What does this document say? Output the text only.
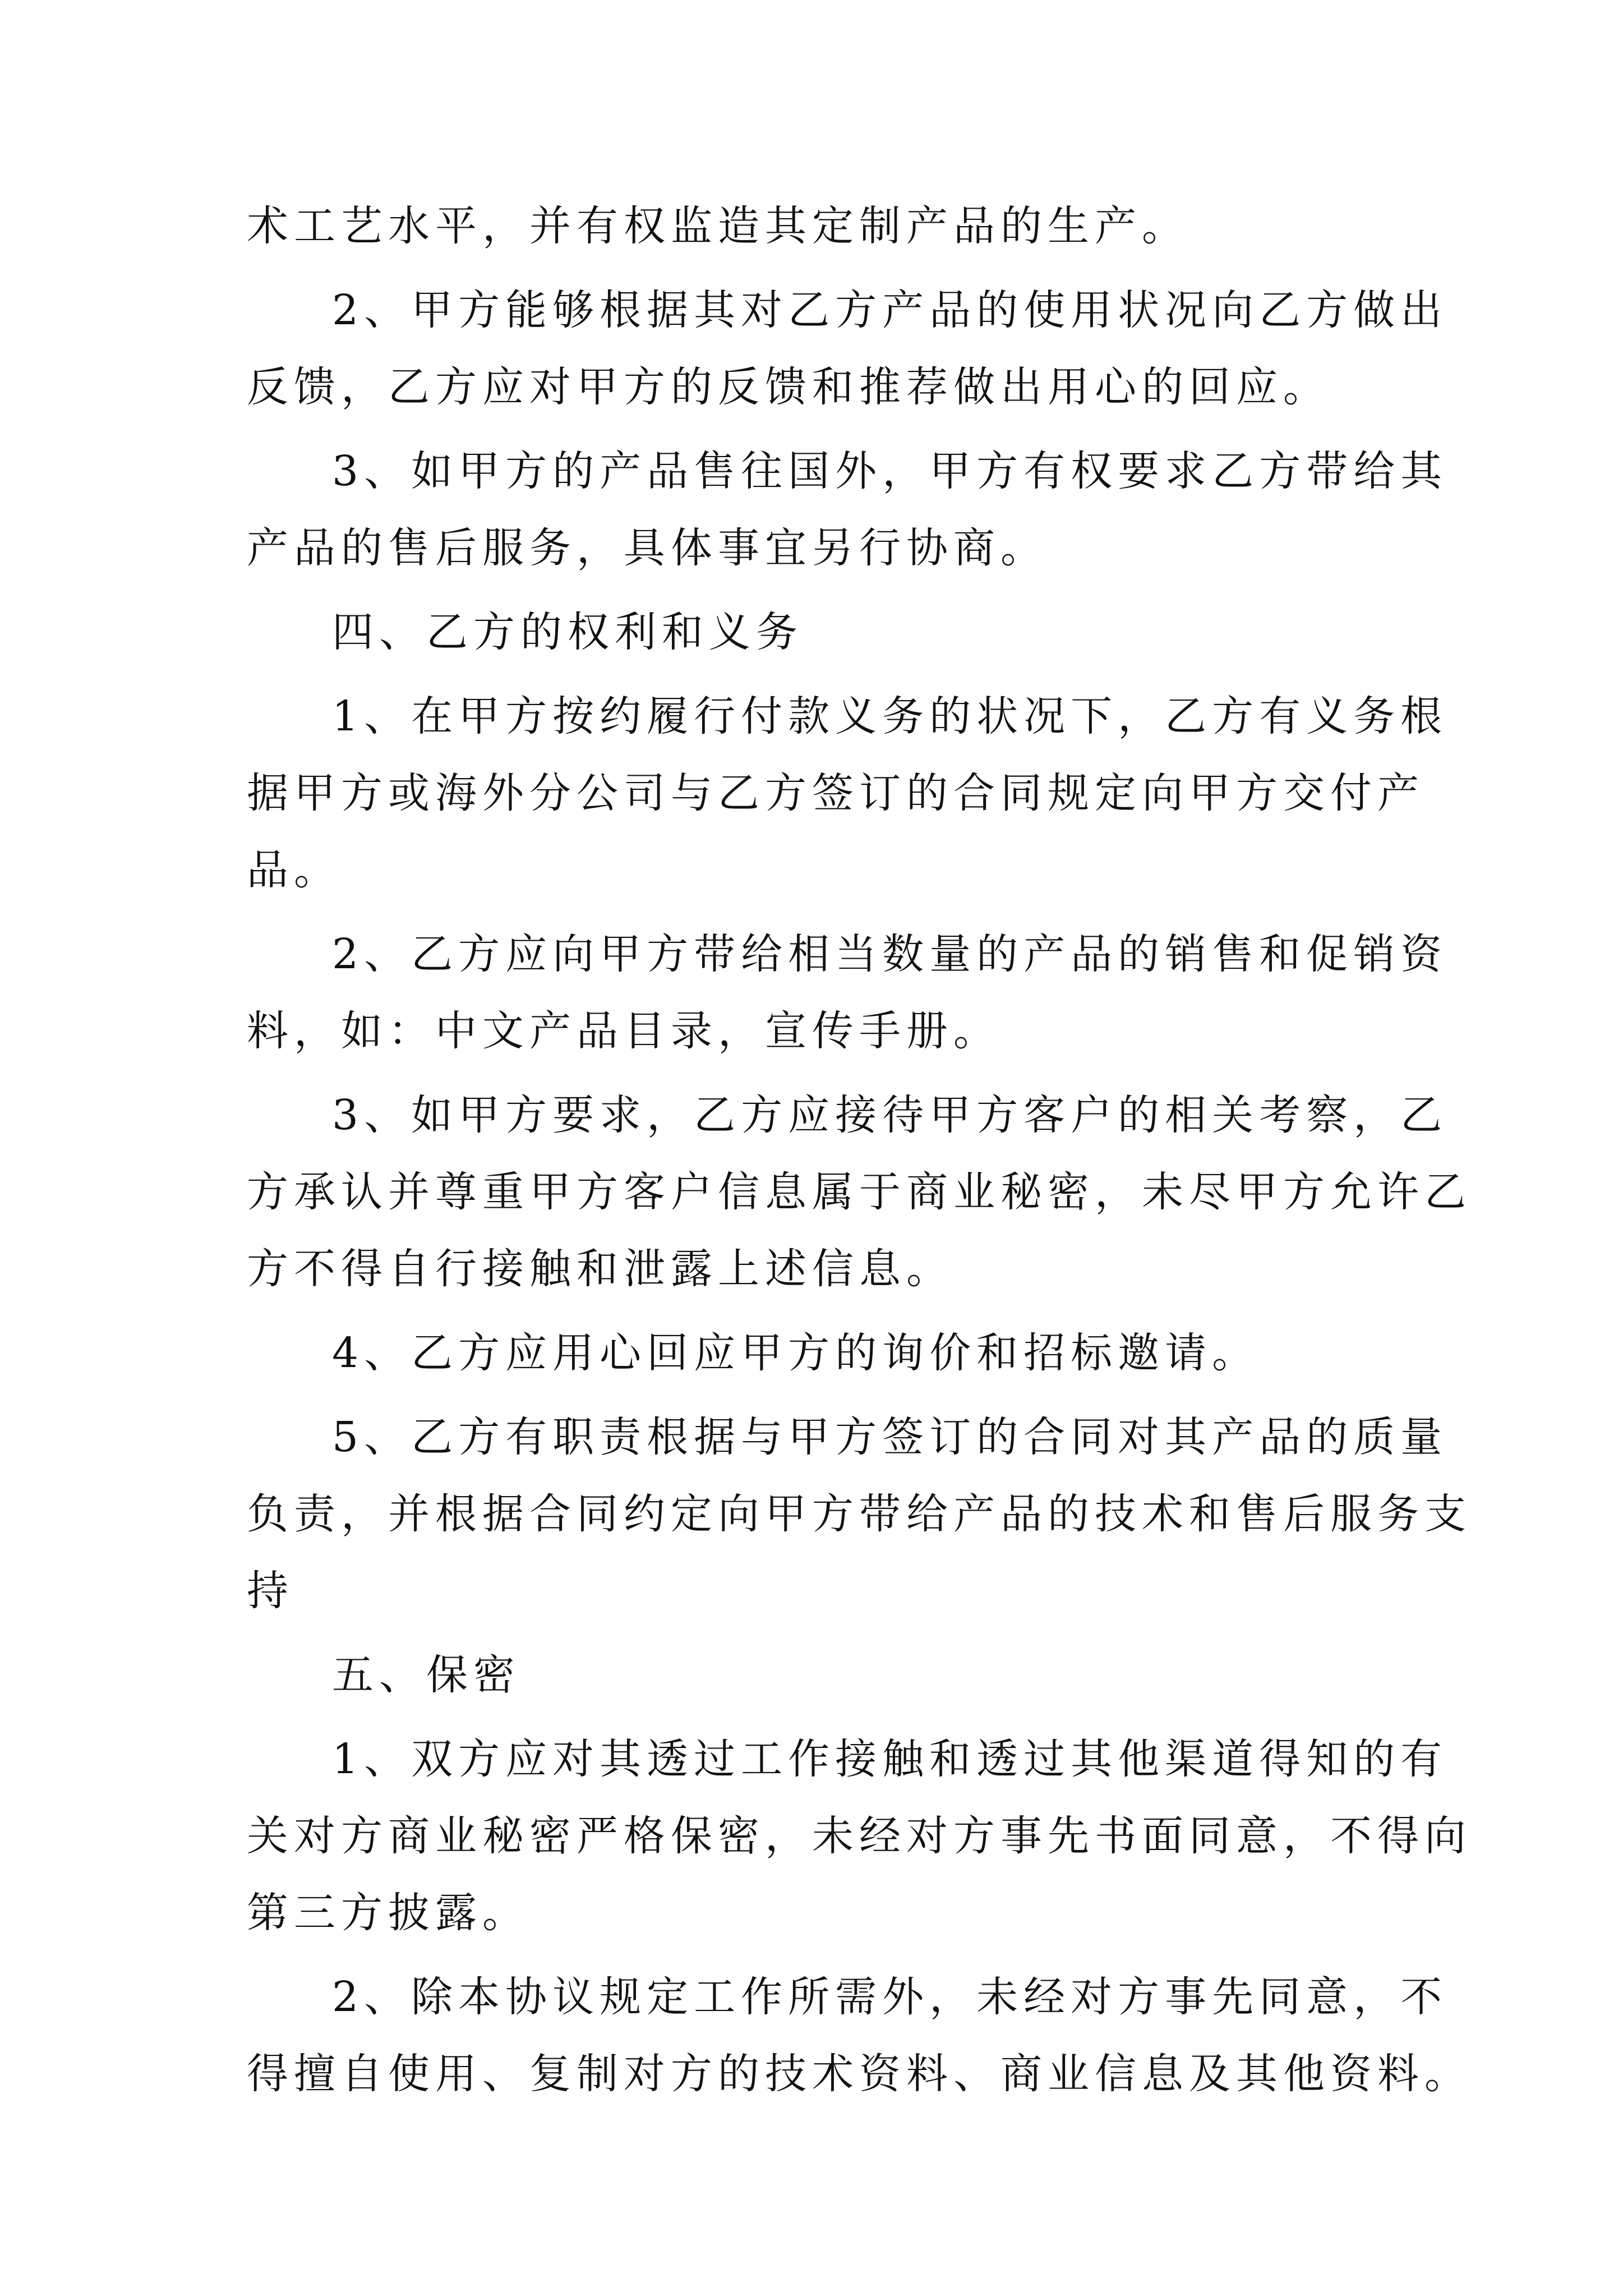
术工艺水平，并有权监造其定制产品的生产。
2、甲方能够根据其对乙方产品的使用状况向乙方做出
反馈，乙方应对甲方的反馈和推荐做出用心的回应。
3、如甲方的产品售往国外，甲方有权要求乙方带给其
产品的售后服务，具体事宜另行协商。
四、乙方的权利和义务
1、在甲方按约履行付款义务的状况下，乙方有义务根
据甲方或海外分公司与乙方签订的合同规定向甲方交付产
品。
2、乙方应向甲方带给相当数量的产品的销售和促销资
料，如：中文产品目录，宣传手册。
3、如甲方要求，乙方应接待甲方客户的相关考察，乙
方承认并尊重甲方客户信息属于商业秘密，未尽甲方允许乙
方不得自行接触和泄露上述信息。
4、乙方应用心回应甲方的询价和招标邀请。
5、乙方有职责根据与甲方签订的合同对其产品的质量
负责，并根据合同约定向甲方带给产品的技术和售后服务支
持
五、保密
1、双方应对其透过工作接触和透过其他渠道得知的有
关对方商业秘密严格保密，未经对方事先书面同意，不得向
第三方披露。
2、除本协议规定工作所需外，未经对方事先同意，不
得擅自使用、复制对方的技术资料、商业信息及其他资料。
